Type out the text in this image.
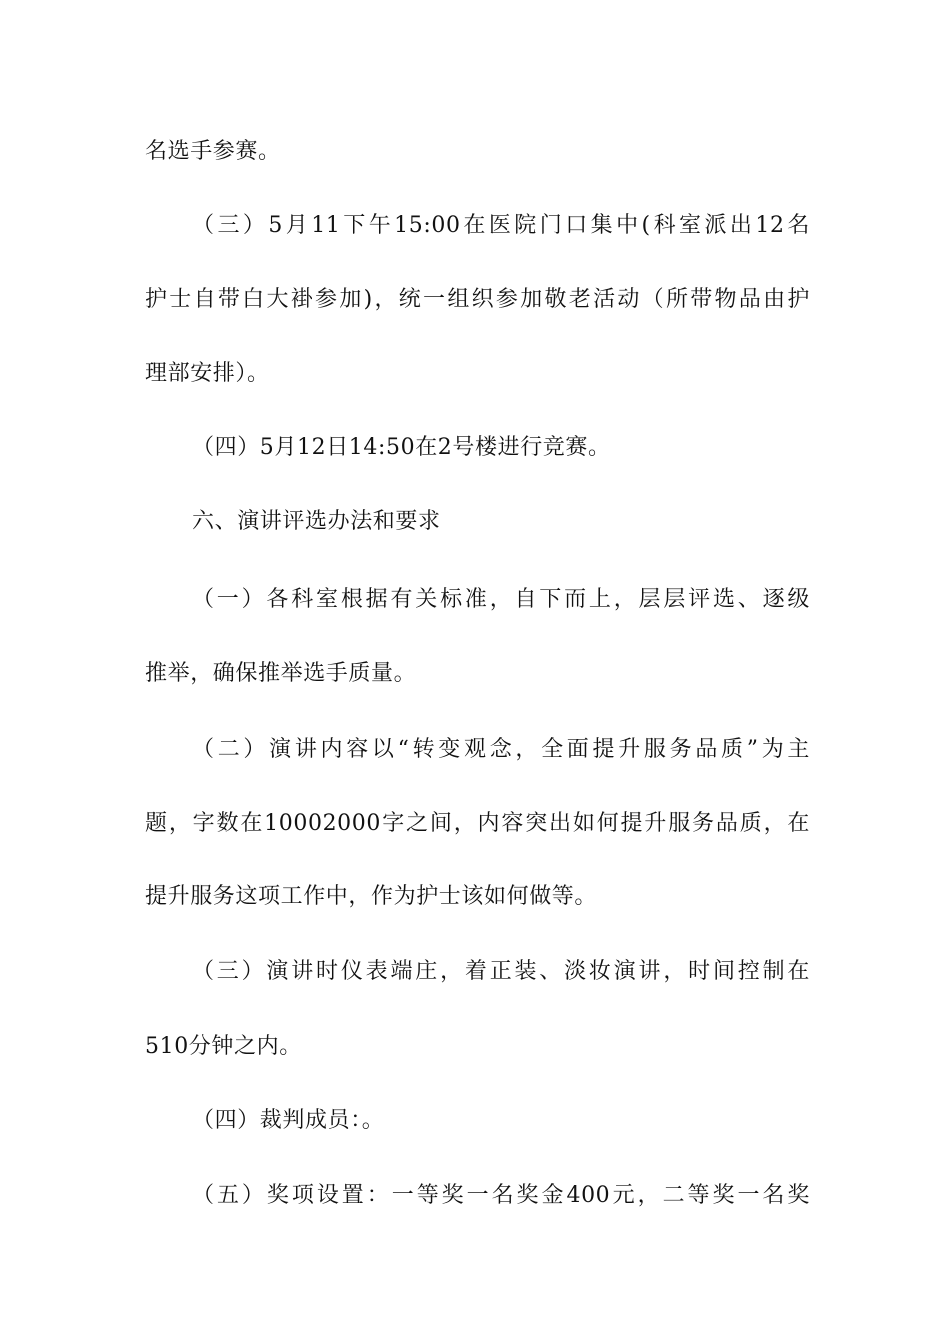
名选手参赛。
（三）5月11下午15:00在医院门口集中(科室派出12名
护士自带白大褂参加)，统一组织参加敬老活动（所带物品由护
理部安排）。
（四）5月12日14:50在2号楼进行竞赛。
六、演讲评选办法和要求
（一）各科室根据有关标准，自下而上，层层评选、逐级
推举，确保推举选手质量。
（二）演讲内容以“转变观念，全面提升服务品质”为主
题，字数在10002000字之间，内容突出如何提升服务品质，在
提升服务这项工作中，作为护士该如何做等。
（三）演讲时仪表端庄，着正装、淡妆演讲，时间控制在
510分钟之内。
（四）裁判成员：。
（五）奖项设置：一等奖一名奖金400元，二等奖一名奖
